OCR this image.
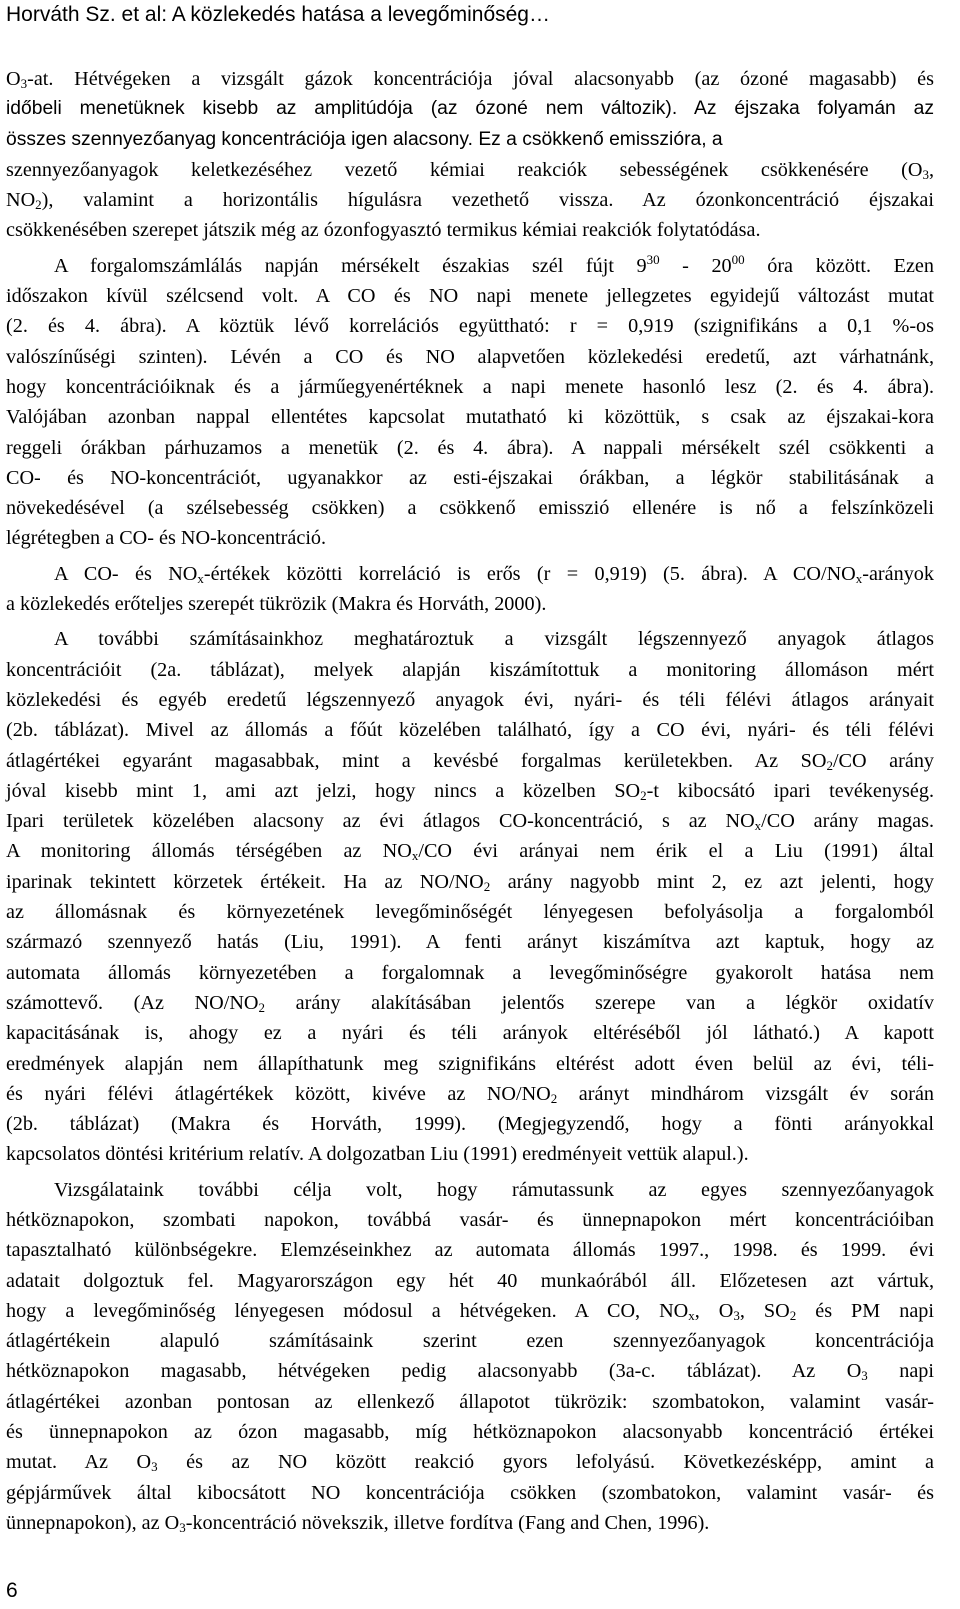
Horváth Sz. et al: A közlekedés hatása a levegőminőség…
$O_3-at$. Hétvégeken a vizsgált gázok koncentrációja jóval alacsonyabb (az ózoné magasabb) és
időbeli menetüknek kisebb az amplitúdója (az ózoné nem változik). Az éjszaka folyamán az
összes szennyezőanyag koncentrációja igen alacsony. Ez a csökkenő emisszióra, a
szennyezőanyagok keletkezéséhez vezető kémiai reakciók sebességének csökkenésére ($O_3$,
$NO_2$), valamint a horizontális hígulásra vezethető vissza. Az ózonkoncentráció éjszakai
csökkenésében szerepet játszik még az ózonfogyasztó termikus kémiai reakciók folytatódása.
A forgalomszámlálás napján mérsékelt északias szél fújt $9^{30} - 20^{00}$ óra között. Ezen
időszakon kívül szélcsend volt. A CO és NO napi menete jellegzetes egyidejű változást mutat
(2. és 4. ábra). A köztük lévő korrelációs együttható: r = 0,919 (szignifikáns a 0,1 %-os
valószínűségi szinten). Lévén a CO és NO alapvetően közlekedési eredetű, azt várhatnánk,
hogy koncentrációiknak és a járműegyenértéknek a napi menete hasonló lesz (2. és 4. ábra).
Valójában azonban nappal ellentétes kapcsolat mutatható ki közöttük, s csak az éjszakai-kora
reggeli órákban párhuzamos a menetük (2. és 4. ábra). A nappali mérsékelt szél csökkenti a
CO- és NO-koncentrációt, ugyanakkor az esti-éjszakai órákban, a légkör stabilitásának a
növekedésével (a szélsebesség csökken) a csökkenő emisszió ellenére is nő a felszínközeli
légrétegben a CO- és NO-koncentráció.
A CO- és $NO_x$-értékek közötti korreláció is erős (r = 0,919) (5. ábra). A $CO/NO_x$-arányok
a közlekedés erőteljes szerepét tükrözik (Makra és Horváth, 2000).
A további számításainkhoz meghatároztuk a vizsgált légszennyező anyagok átlagos
koncentrációit (2a. táblázat), melyek alapján kiszámítottuk a monitoring állomáson mért
közlekedési és egyéb eredetű légszennyező anyagok évi, nyári- és téli félévi átlagos arányait
(2b. táblázat). Mivel az állomás a főút közelében található, így a CO évi, nyári- és téli félévi
átlagértékei egyaránt magasabbak, mint a kevésbé forgalmas kerületekben. Az $SO_2/CO$ arány
jóval kisebb mint 1, ami azt jelzi, hogy nincs a közelben $SO_2-t$ kibocsátó ipari tevékenység.
Ipari területek közelében alacsony az évi átlagos CO-koncentráció, s az $NO_x/CO$ arány magas.
A monitoring állomás térségében az $NO_x/CO$ évi arányai nem érik el a Liu (1991) által
iparinak tekintett körzetek értékeit. Ha az $NO/NO_2$ arány nagyobb mint 2, ez azt jelenti, hogy
az állomásnak és környezetének levegőminőségét lényegesen befolyásolja a forgalomból
származó szennyező hatás (Liu, 1991). A fenti arányt kiszámítva azt kaptuk, hogy az
automata állomás környezetében a forgalomnak a levegőminőségre gyakorolt hatása nem
számottevő. (Az $NO/NO_2$ arány alakításában jelentős szerepe van a légkör oxidatív
kapacitásának is, ahogy ez a nyári és téli arányok eltéréséből jól látható.) A kapott
eredmények alapján nem állapíthatunk meg szignifikáns eltérést adott éven belül az évi, téli-
és nyári félévi átlagértékek között, kivéve az $NO/NO_2$ arányt mindhárom vizsgált év során
(2b. táblázat) (Makra és Horváth, 1999). (Megjegyzendő, hogy a fönti arányokkal
kapcsolatos döntési kritérium relatív. A dolgozatban Liu (1991) eredményeit vettük alapul.).
Vizsgálataink további célja volt, hogy rámutassunk az egyes szennyezőanyagok
hétköznapokon, szombati napokon, továbbá vasár- és ünnepnapokon mért koncentrációiban
tapasztalható különbségekre. Elemzéseinkhez az automata állomás 1997., 1998. és 1999. évi
adatait dolgoztuk fel. Magyarországon egy hét 40 munkaórából áll. Előzetesen azt vártuk,
hogy a levegőminőség lényegesen módosul a hétvégeken. A CO, $NO_x$, $O_3$, $SO_2$ és PM napi
átlagértékein alapuló számításaink szerint ezen szennyezőanyagok koncentrációja
hétköznapokon magasabb, hétvégeken pedig alacsonyabb (3a-c. táblázat). Az $O_3$ napi
átlagértékei azonban pontosan az ellenkező állapotot tükrözik: szombatokon, valamint vasár-
és ünnepnapokon az ózon magasabb, míg hétköznapokon alacsonyabb koncentráció értékei
mutat. Az $O_3$ és az NO között reakció gyors lefolyású. Következésképp, amint a
gépjárművek által kibocsátott NO koncentrációja csökken (szombatokon, valamint vasár- és
ünnepnapokon), az $O_3$-koncentráció növekszik, illetve fordítva (Fang and Chen, 1996).
6
